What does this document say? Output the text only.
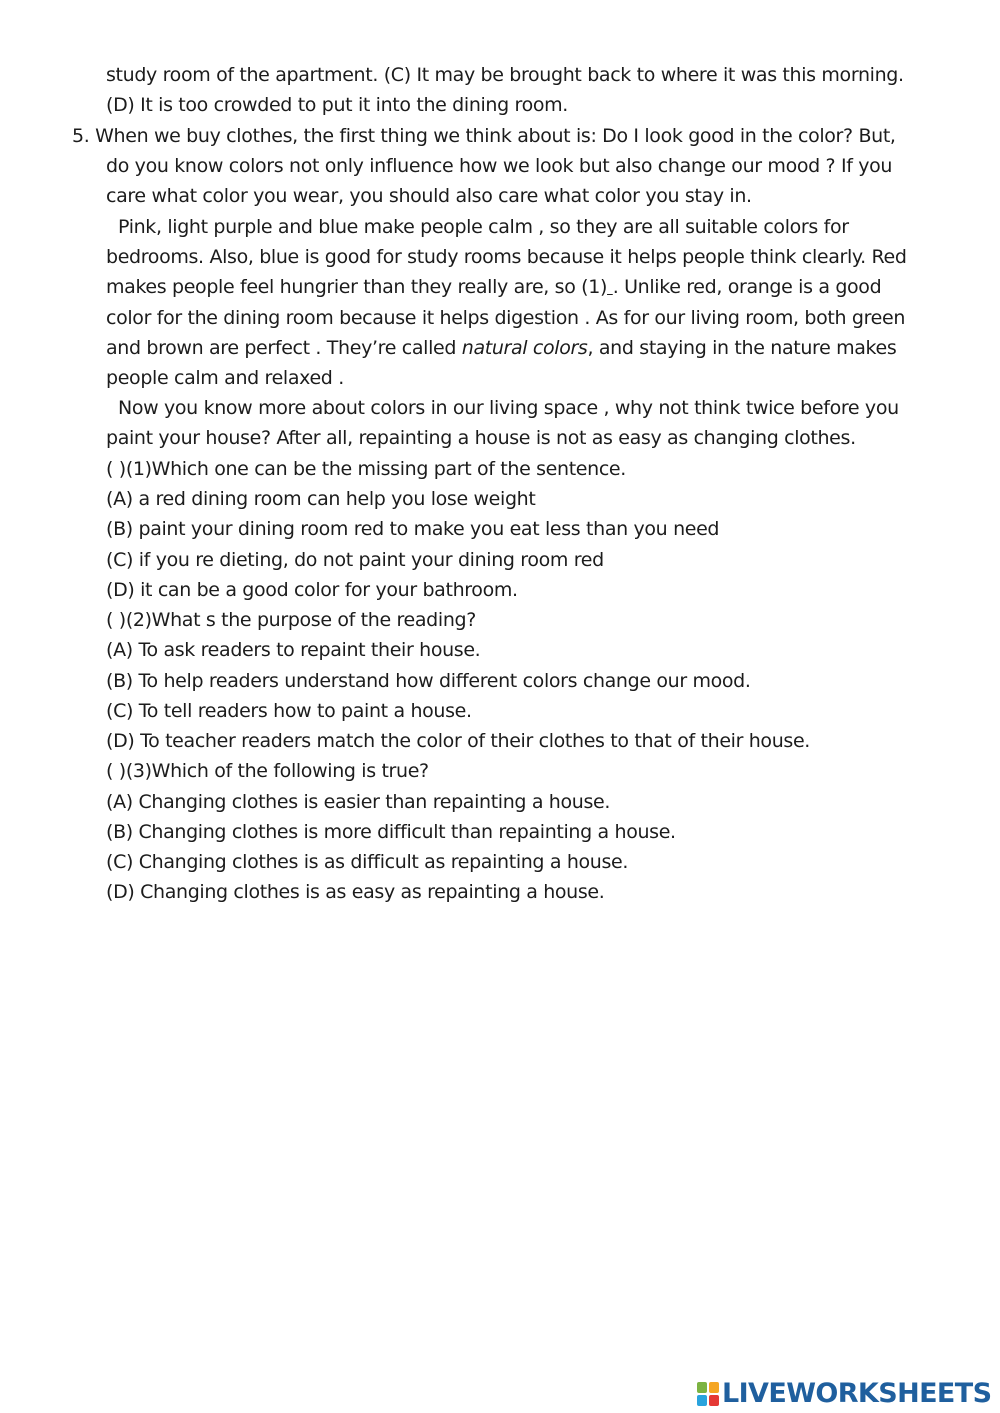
study room of the apartment. (C) It may be brought back to where it was this morning.
(D) It is too crowded to put it into the dining room.
5. When we buy clothes, the first thing we think about is: Do I look good in the color? But,
do you know colors not only influence how we look but also change our mood ? If you
care what color you wear, you should also care what color you stay in.
Pink, light purple and blue make people calm , so they are all suitable colors for
bedrooms. Also, blue is good for study rooms because it helps people think clearly. Red
makes people feel hungrier than they really are, so (1) . Unlike red, orange is a good
color for the dining room because it helps digestion . As for our living room, both green
and brown are perfect . They’re called natural colors, and staying in the nature makes
people calm and relaxed .
Now you know more about colors in our living space , why not think twice before you
paint your house? After all, repainting a house is not as easy as changing clothes.
( )(1)Which one can be the missing part of the sentence.
(A) a red dining room can help you lose weight
(B) paint your dining room red to make you eat less than you need
(C) if you re dieting, do not paint your dining room red
(D) it can be a good color for your bathroom.
( )(2)What s the purpose of the reading?
(A) To ask readers to repaint their house.
(B) To help readers understand how different colors change our mood.
(C) To tell readers how to paint a house.
(D) To teacher readers match the color of their clothes to that of their house.
( )(3)Which of the following is true?
(A) Changing clothes is easier than repainting a house.
(B) Changing clothes is more difficult than repainting a house.
(C) Changing clothes is as difficult as repainting a house.
(D) Changing clothes is as easy as repainting a house.
LIVEWORKSHEETS
